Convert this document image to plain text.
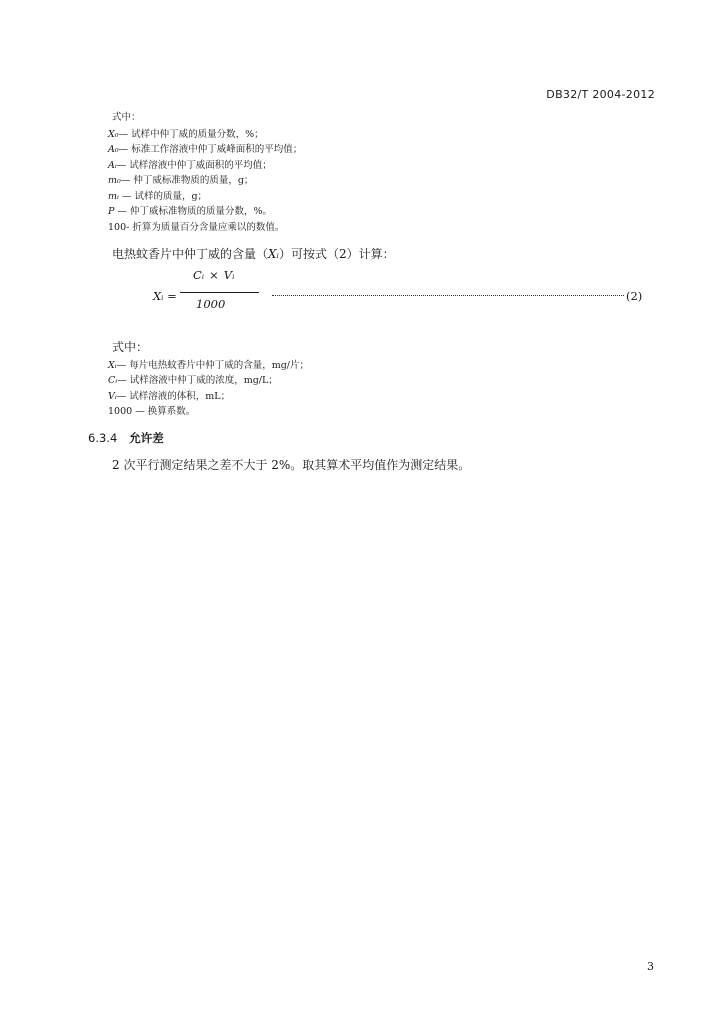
DB32/T 2004-2012
式中：
X₀— 试样中仲丁威的质量分数，%；
A₀— 标准工作溶液中仲丁威峰面积的平均值；
Aᵢ— 试样溶液中仲丁威面积的平均值；
m₀— 仲丁威标准物质的质量，g；
mᵢ — 试样的质量，g；
P — 仲丁威标准物质的质量分数，%。
100- 折算为质量百分含量应乘以的数值。
电热蚊香片中仲丁威的含量（Xᵢ）可按式（2）计算：
Cᵢ × Vᵢ
Xᵢ =
1000
(2)
式中：
Xᵢ— 每片电热蚊香片中仲丁威的含量，mg/片；
Cᵢ— 试样溶液中仲丁威的浓度，mg/L；
Vᵢ— 试样溶液的体积，mL；
1000 — 换算系数。
6.3.4 允许差
2 次平行测定结果之差不大于 2%。取其算术平均值作为测定结果。
3
